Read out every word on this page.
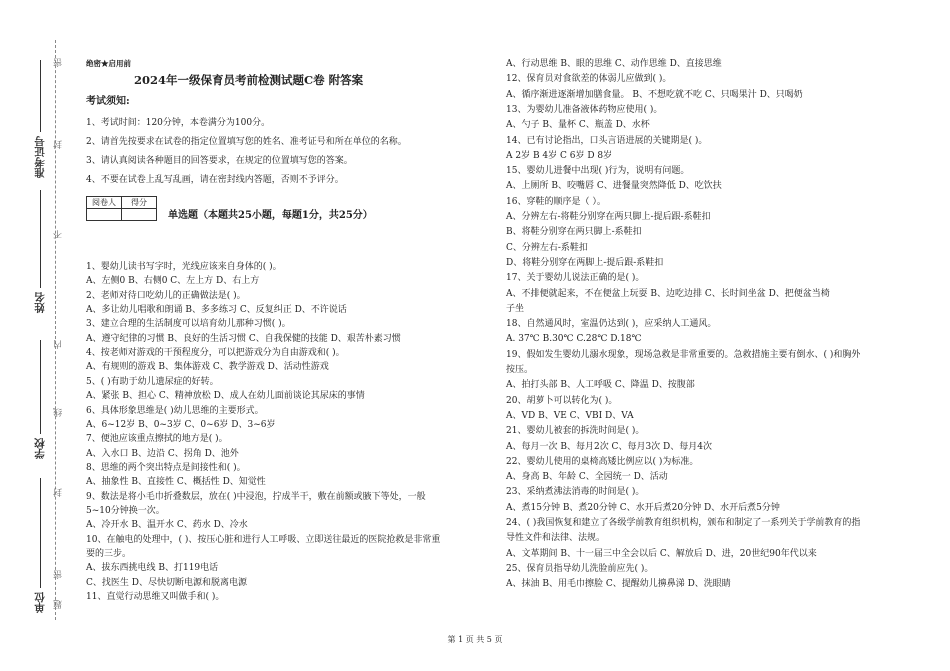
准考证号
姓名
学校
单位
密
封
不
内
线
封
密
题
绝密★启用前
2024年一级保育员考前检测试题C卷 附答案
考试须知:
1、考试时间：120分钟，本卷满分为100分。
2、请首先按要求在试卷的指定位置填写您的姓名、准考证号和所在单位的名称。
3、请认真阅读各种题目的回答要求，在规定的位置填写您的答案。
4、不要在试卷上乱写乱画，请在密封线内答题，否则不予评分。
阅卷人	得分

单选题（本题共25小题，每题1分，共25分）
1、婴幼儿读书写字时，光线应该来自身体的( )。
A、左侧0 B、右侧0 C、左上方 D、右上方
2、老师对待口吃幼儿的正确做法是( )。
A、多让幼儿唱歌和朗诵 B、多多练习 C、反复纠正 D、不许说话
3、建立合理的生活制度可以培育幼儿那种习惯( )。
A、遵守纪律的习惯 B、良好的生活习惯 C、自我保健的技能 D、艰苦朴素习惯
4、按老师对游戏的干预程度分，可以把游戏分为自由游戏和( )。
A、有规则的游戏 B、集体游戏 C、教学游戏 D、活动性游戏
5、( )有助于幼儿遗尿症的好转。
A、紧张 B、担心 C、精神放松 D、成人在幼儿面前谈论其尿床的事情
6、具体形象思维是( )幼儿思维的主要形式。
A、6~12岁 B、0~3岁 C、0~6岁 D、3~6岁
7、便池应该重点擦拭的地方是( )。
A、入水口 B、边沿 C、拐角 D、池外
8、思维的两个突出特点是间接性和( )。
A、抽象性 B、直接性 C、概括性 D、知觉性
9、数法是将小毛巾折叠数层，放在( )中浸泡，拧成半干，敷在前额或腋下等处，一般
5~10分钟换一次。
A、冷开水 B、温开水 C、药水 D、冷水
10、在触电的处理中，( )、按压心脏和进行人工呼吸、立即送往最近的医院抢救是非常重
要的三步。
A、拔东西挑电线 B、打119电话
C、找医生 D、尽快切断电源和脱离电源
11、直觉行动思维又叫做手和( )。
A、行动思维 B、眼的思维 C、动作思维 D、直接思维
12、保育员对食欲差的体弱儿应做到( )。
A、循序渐进逐渐增加膳食量。 B、不想吃就不吃 C、只喝果汁 D、只喝奶
13、为婴幼儿准备液体药物应使用( )。
A、勺子 B、量杯 C、瓶盖 D、水杯
14、已有讨论指出，口头言语进展的关键期是( )。
A 2岁 B 4岁 C 6岁 D 8岁
15、婴幼儿进餐中出现( )行为，说明有问题。
A、上厕所 B、咬嘴唇 C、进餐量突然降低 D、吃饮扶
16、穿鞋的顺序是（ ）。
A、分辨左右-将鞋分别穿在两只脚上-提后跟-系鞋扣
B、将鞋分别穿在两只脚上-系鞋扣
C、分辨左右-系鞋扣
D、将鞋分别穿在两脚上-提后跟-系鞋扣
17、关于婴幼儿说法正确的是( )。
A、不排便就起来，不在便盆上玩耍 B、边吃边排 C、长时间坐盆 D、把便盆当椅
子坐
18、自然通风时，室温仍达到( )，应采纳人工通风。
A. 37℃ B.30℃ C.28℃ D.18℃
19、假如发生婴幼儿溺水现象，现场急救是非常重要的。急救措施主要有倒水、( )和胸外
按压。
A、拍打头部 B、人工呼吸 C、降温 D、按腹部
20、胡萝卜可以转化为( )。
A、VD B、VE C、VBI D、VA
21、婴幼儿被套的拆洗时间是( )。
A、每月一次 B、每月2次 C、每月3次 D、每月4次
22、婴幼儿使用的桌椅高矮比例应以( )为标准。
A、身高 B、年龄 C、全园统一 D、活动
23、采纳煮沸法消毒的时间是( )。
A、煮15分钟 B、煮20分钟 C、水开后煮20分钟 D、水开后煮5分钟
24、( )我国恢复和建立了各级学前教育组织机构，颁布和制定了一系列关于学前教育的指
导性文件和法律、法规。
A、文革期间 B、十一届三中全会以后 C、解放后 D、进，20世纪90年代以来
25、保育员指导幼儿洗脸前应先( )。
A、抹油 B、用毛巾擦脸 C、提醒幼儿擤鼻涕 D、洗眼睛
第 1 页 共 5 页
